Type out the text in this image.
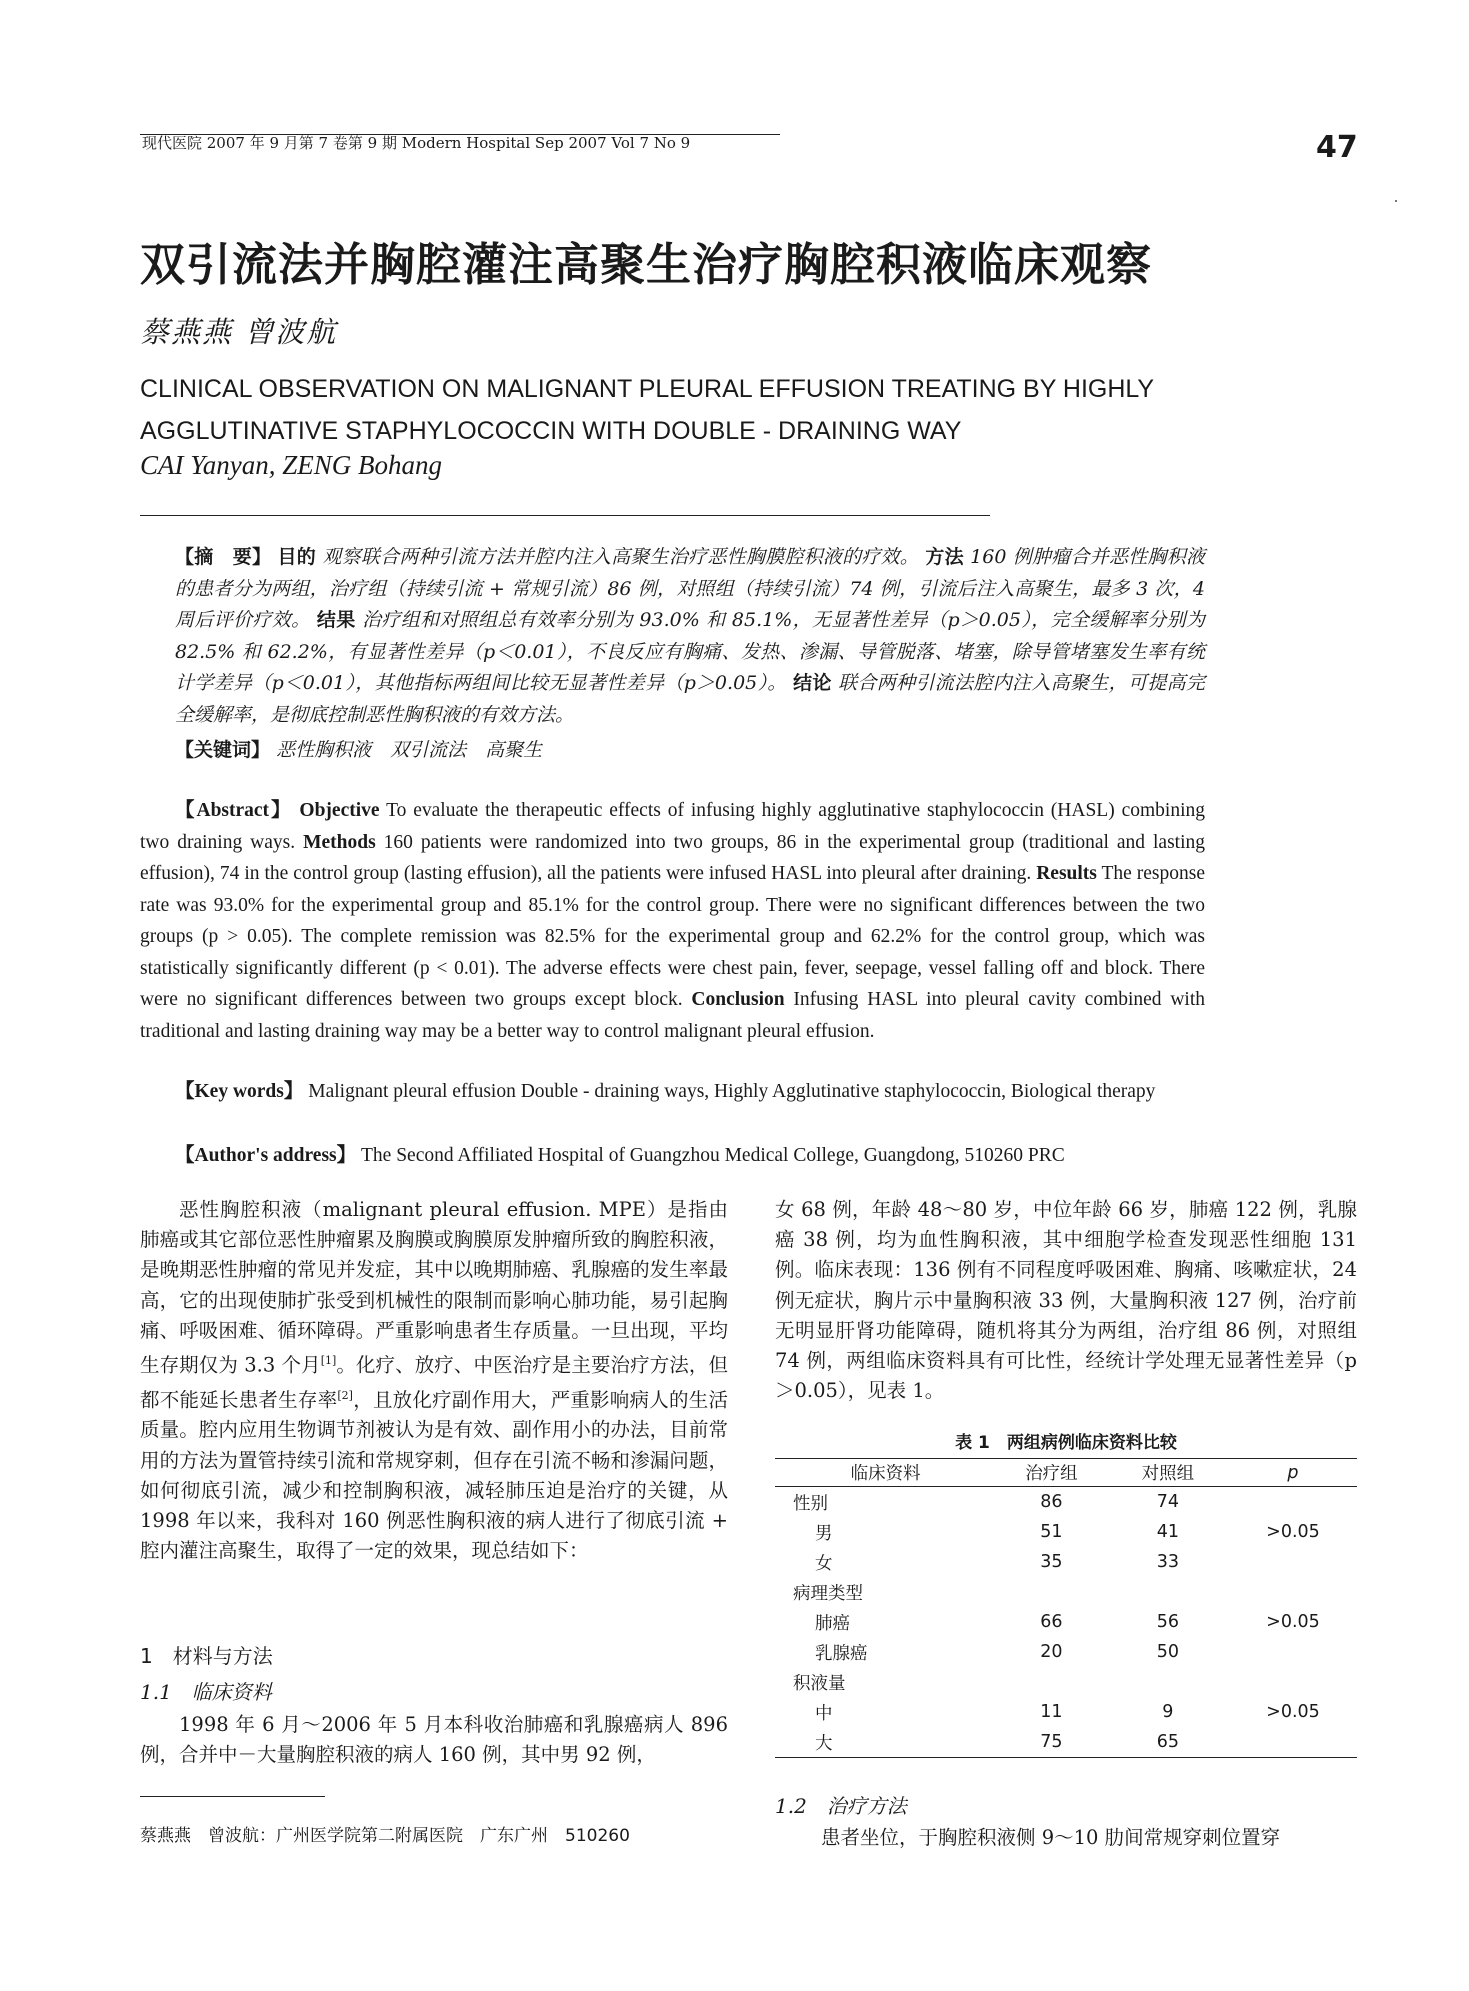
现代医院 2007 年 9 月第 7 卷第 9 期 Modern Hospital Sep 2007 Vol 7 No 9	47
双引流法并胸腔灌注高聚生治疗胸腔积液临床观察
蔡燕燕 曾波航
CLINICAL OBSERVATION ON MALIGNANT PLEURAL EFFUSION TREATING BY HIGHLY AGGLUTINATIVE STAPHYLOCOCCIN WITH DOUBLE - DRAINING WAY
CAI Yanyan, ZENG Bohang
【摘　要】 目的 观察联合两种引流方法并腔内注入高聚生治疗恶性胸膜腔积液的疗效。 方法 160 例肿瘤合并恶性胸积液的患者分为两组，治疗组（持续引流 + 常规引流）86 例，对照组（持续引流）74 例，引流后注入高聚生，最多 3 次，4 周后评价疗效。 结果 治疗组和对照组总有效率分别为 93.0% 和 85.1%，无显著性差异（p＞0.05），完全缓解率分别为 82.5% 和 62.2%，有显著性差异（p＜0.01），不良反应有胸痛、发热、渗漏、导管脱落、堵塞，除导管堵塞发生率有统计学差异（p＜0.01），其他指标两组间比较无显著性差异（p＞0.05）。 结论 联合两种引流法腔内注入高聚生，可提高完全缓解率，是彻底控制恶性胸积液的有效方法。
【关键词】 恶性胸积液　双引流法　高聚生

【Abstract】 Objective To evaluate the therapeutic effects of infusing highly agglutinative staphylococcin (HASL) combining two draining ways. Methods 160 patients were randomized into two groups, 86 in the experimental group (traditional and lasting effusion), 74 in the control group (lasting effusion), all the patients were infused HASL into pleural after draining. Results The response rate was 93.0% for the experimental group and 85.1% for the control group. There were no significant differences between the two groups (p > 0.05). The complete remission was 82.5% for the experimental group and 62.2% for the control group, which was statistically significantly different (p < 0.01). The adverse effects were chest pain, fever, seepage, vessel falling off and block. There were no significant differences between two groups except block. Conclusion Infusing HASL into pleural cavity combined with traditional and lasting draining way may be a better way to control malignant pleural effusion.

【Key words】 Malignant pleural effusion Double - draining ways, Highly Agglutinative staphylococcin, Biological therapy
【Author's address】 The Second Affiliated Hospital of Guangzhou Medical College, Guangdong, 510260 PRC

恶性胸腔积液（malignant pleural effusion. MPE）是指由肺癌或其它部位恶性肿瘤累及胸膜或胸膜原发肿瘤所致的胸腔积液，是晚期恶性肿瘤的常见并发症，其中以晚期肺癌、乳腺癌的发生率最高，它的出现使肺扩张受到机械性的限制而影响心肺功能，易引起胸痛、呼吸困难、循环障碍。严重影响患者生存质量。一旦出现，平均生存期仅为 3.3 个月[1]。化疗、放疗、中医治疗是主要治疗方法，但都不能延长患者生存率[2]，且放化疗副作用大，严重影响病人的生活质量。腔内应用生物调节剂被认为是有效、副作用小的办法，目前常用的方法为置管持续引流和常规穿刺，但存在引流不畅和渗漏问题，如何彻底引流，减少和控制胸积液，减轻肺压迫是治疗的关键，从 1998 年以来，我科对 160 例恶性胸积液的病人进行了彻底引流 + 腔内灌注高聚生，取得了一定的效果，现总结如下：

1　材料与方法
1.1　临床资料

1998 年 6 月～2006 年 5 月本科收治肺癌和乳腺癌病人 896 例，合并中－大量胸腔积液的病人 160 例，其中男 92 例，

蔡燕燕　曾波航：广州医学院第二附属医院　广东广州　510260
女 68 例，年龄 48～80 岁，中位年龄 66 岁，肺癌 122 例，乳腺癌 38 例，均为血性胸积液，其中细胞学检查发现恶性细胞 131 例。临床表现：136 例有不同程度呼吸困难、胸痛、咳嗽症状，24 例无症状，胸片示中量胸积液 33 例，大量胸积液 127 例，治疗前无明显肝肾功能障碍，随机将其分为两组，治疗组 86 例，对照组 74 例，两组临床资料具有可比性，经统计学处理无显著性差异（p＞0.05），见表 1。
表 1　两组病例临床资料比较
临床资料	治疗组	对照组	p
性别	86	74	
男	51	41	>0.05
女	35	33	
病理类型			
肺癌	66	56	>0.05
乳腺癌	20	50	
积液量			
中	11	9	>0.05
大	75	65	
1.2　治疗方法
患者坐位，于胸腔积液侧 9～10 肋间常规穿刺位置穿
